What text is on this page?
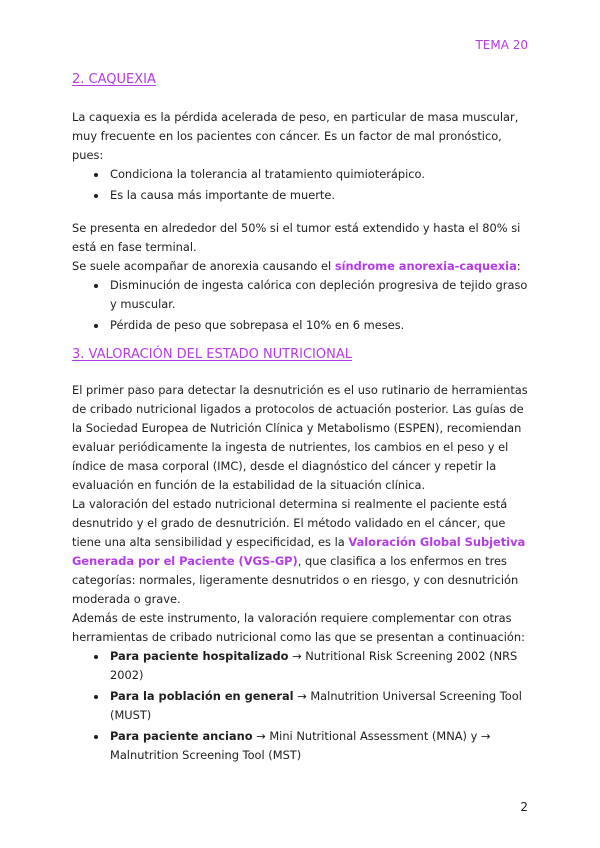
TEMA 20
2. CAQUEXIA

La caquexia es la pérdida acelerada de peso, en particular de masa muscular, muy frecuente en los pacientes con cáncer. Es un factor de mal pronóstico, pues:

• Condiciona la tolerancia al tratamiento quimioterápico.
• Es la causa más importante de muerte.

Se presenta en alrededor del 50% si el tumor está extendido y hasta el 80% si está en fase terminal.

Se suele acompañar de anorexia causando el síndrome anorexia-caquexia:

• Disminución de ingesta calórica con depleción progresiva de tejido graso y muscular.
• Pérdida de peso que sobrepasa el 10% en 6 meses.
3. VALORACIÓN DEL ESTADO NUTRICIONAL

El primer paso para detectar la desnutrición es el uso rutinario de herramientas de cribado nutricional ligados a protocolos de actuación posterior. Las guías de la Sociedad Europea de Nutrición Clínica y Metabolismo (ESPEN), recomiendan evaluar periódicamente la ingesta de nutrientes, los cambios en el peso y el índice de masa corporal (IMC), desde el diagnóstico del cáncer y repetir la evaluación en función de la estabilidad de la situación clínica.

La valoración del estado nutricional determina si realmente el paciente está desnutrido y el grado de desnutrición. El método validado en el cáncer, que tiene una alta sensibilidad y especificidad, es la Valoración Global Subjetiva Generada por el Paciente (VGS-GP), que clasifica a los enfermos en tres categorías: normales, ligeramente desnutridos o en riesgo, y con desnutrición moderada o grave.

Además de este instrumento, la valoración requiere complementar con otras herramientas de cribado nutricional como las que se presentan a continuación:

• Para paciente hospitalizado → Nutritional Risk Screening 2002 (NRS 2002)
• Para la población en general → Malnutrition Universal Screening Tool (MUST)
• Para paciente anciano → Mini Nutritional Assessment (MNA) y → Malnutrition Screening Tool (MST)
2
